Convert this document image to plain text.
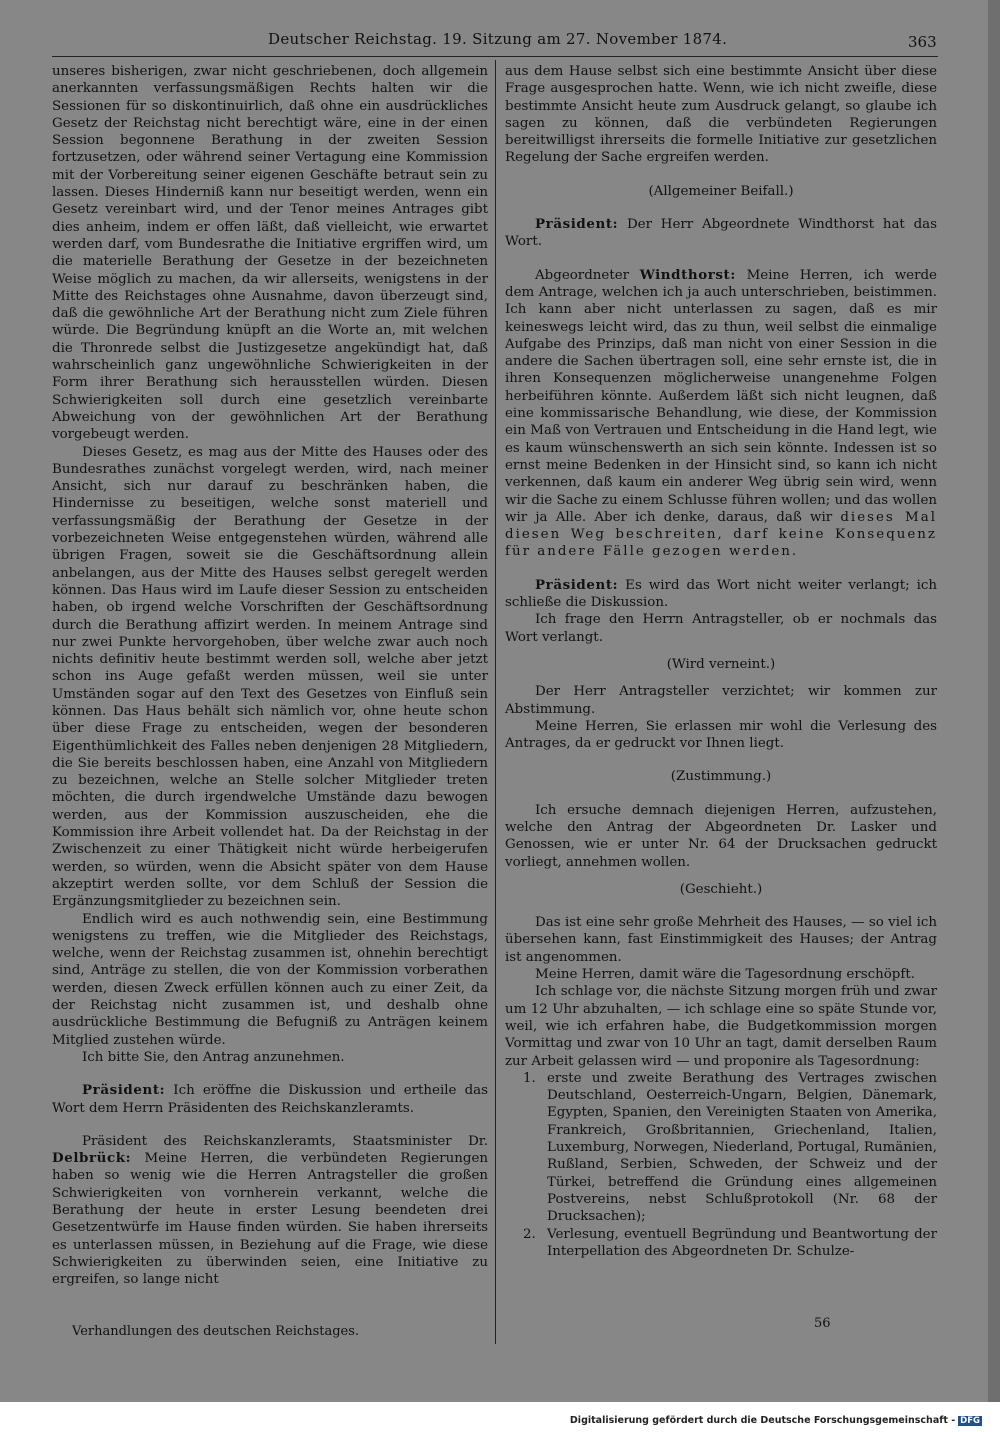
Deutscher Reichstag. 19. Sitzung am 27. November 1874.	363

unseres bisherigen, zwar nicht geschriebenen, doch allgemein anerkannten verfassungsmäßigen Rechts halten wir die Sessionen für so diskontinuirlich, daß ohne ein ausdrückliches Gesetz der Reichstag nicht berechtigt wäre, eine in der einen Session begonnene Berathung in der zweiten Session fortzusetzen, oder während seiner Vertagung eine Kommission mit der Vorbereitung seiner eigenen Geschäfte betraut sein zu lassen. Dieses Hinderniß kann nur beseitigt werden, wenn ein Gesetz vereinbart wird, und der Tenor meines Antrages gibt dies anheim, indem er offen läßt, daß vielleicht, wie erwartet werden darf, vom Bundesrathe die Initiative ergriffen wird, um die materielle Berathung der Gesetze in der bezeichneten Weise möglich zu machen, da wir allerseits, wenigstens in der Mitte des Reichstages ohne Ausnahme, davon überzeugt sind, daß die gewöhnliche Art der Berathung nicht zum Ziele führen würde. Die Begründung knüpft an die Worte an, mit welchen die Thronrede selbst die Justizgesetze angekündigt hat, daß wahrscheinlich ganz ungewöhnliche Schwierigkeiten in der Form ihrer Berathung sich herausstellen würden. Diesen Schwierigkeiten soll durch eine gesetzlich vereinbarte Abweichung von der gewöhnlichen Art der Berathung vorgebeugt werden.

Dieses Gesetz, es mag aus der Mitte des Hauses oder des Bundesrathes zunächst vorgelegt werden, wird, nach meiner Ansicht, sich nur darauf zu beschränken haben, die Hindernisse zu beseitigen, welche sonst materiell und verfassungsmäßig der Berathung der Gesetze in der vorbezeichneten Weise entgegenstehen würden, während alle übrigen Fragen, soweit sie die Geschäftsordnung allein anbelangen, aus der Mitte des Hauses selbst geregelt werden können. Das Haus wird im Laufe dieser Session zu entscheiden haben, ob irgend welche Vorschriften der Geschäftsordnung durch die Berathung affizirt werden. In meinem Antrage sind nur zwei Punkte hervorgehoben, über welche zwar auch noch nichts definitiv heute bestimmt werden soll, welche aber jetzt schon ins Auge gefaßt werden müssen, weil sie unter Umständen sogar auf den Text des Gesetzes von Einfluß sein können. Das Haus behält sich nämlich vor, ohne heute schon über diese Frage zu entscheiden, wegen der besonderen Eigenthümlichkeit des Falles neben denjenigen 28 Mitgliedern, die Sie bereits beschlossen haben, eine Anzahl von Mitgliedern zu bezeichnen, welche an Stelle solcher Mitglieder treten möchten, die durch irgendwelche Umstände dazu bewogen werden, aus der Kommission auszuscheiden, ehe die Kommission ihre Arbeit vollendet hat. Da der Reichstag in der Zwischenzeit zu einer Thätigkeit nicht würde herbeigerufen werden, so würden, wenn die Absicht später von dem Hause akzeptirt werden sollte, vor dem Schluß der Session die Ergänzungsmitglieder zu bezeichnen sein.

Endlich wird es auch nothwendig sein, eine Bestimmung wenigstens zu treffen, wie die Mitglieder des Reichstags, welche, wenn der Reichstag zusammen ist, ohnehin berechtigt sind, Anträge zu stellen, die von der Kommission vorberathen werden, diesen Zweck erfüllen können auch zu einer Zeit, da der Reichstag nicht zusammen ist, und deshalb ohne ausdrückliche Bestimmung die Befugniß zu Anträgen keinem Mitglied zustehen würde.

Ich bitte Sie, den Antrag anzunehmen.

Präsident: Ich eröffne die Diskussion und ertheile das Wort dem Herrn Präsidenten des Reichskanzleramts.

Präsident des Reichskanzleramts, Staatsminister Dr. Delbrück: Meine Herren, die verbündeten Regierungen haben so wenig wie die Herren Antragsteller die großen Schwierigkeiten von vornherein verkannt, welche die Berathung der heute in erster Lesung beendeten drei Gesetzentwürfe im Hause finden würden. Sie haben ihrerseits es unterlassen müssen, in Beziehung auf die Frage, wie diese Schwierigkeiten zu überwinden seien, eine Initiative zu ergreifen, so lange nicht

aus dem Hause selbst sich eine bestimmte Ansicht über diese Frage ausgesprochen hatte. Wenn, wie ich nicht zweifle, diese bestimmte Ansicht heute zum Ausdruck gelangt, so glaube ich sagen zu können, daß die verbündeten Regierungen bereitwilligst ihrerseits die formelle Initiative zur gesetzlichen Regelung der Sache ergreifen werden.

(Allgemeiner Beifall.)

Präsident: Der Herr Abgeordnete Windthorst hat das Wort.

Abgeordneter Windthorst: Meine Herren, ich werde dem Antrage, welchen ich ja auch unterschrieben, beistimmen. Ich kann aber nicht unterlassen zu sagen, daß es mir keineswegs leicht wird, das zu thun, weil selbst die einmalige Aufgabe des Prinzips, daß man nicht von einer Session in die andere die Sachen übertragen soll, eine sehr ernste ist, die in ihren Konsequenzen möglicherweise unangenehme Folgen herbeiführen könnte. Außerdem läßt sich nicht leugnen, daß eine kommissarische Behandlung, wie diese, der Kommission ein Maß von Vertrauen und Entscheidung in die Hand legt, wie es kaum wünschenswerth an sich sein könnte. Indessen ist so ernst meine Bedenken in der Hinsicht sind, so kann ich nicht verkennen, daß kaum ein anderer Weg übrig sein wird, wenn wir die Sache zu einem Schlusse führen wollen; und das wollen wir ja Alle. Aber ich denke, daraus, daß wir dieses Mal diesen Weg beschreiten, darf keine Konsequenz für andere Fälle gezogen werden.

Präsident: Es wird das Wort nicht weiter verlangt; ich schließe die Diskussion.

Ich frage den Herrn Antragsteller, ob er nochmals das Wort verlangt.

(Wird verneint.)

Der Herr Antragsteller verzichtet; wir kommen zur Abstimmung.

Meine Herren, Sie erlassen mir wohl die Verlesung des Antrages, da er gedruckt vor Ihnen liegt.

(Zustimmung.)

Ich ersuche demnach diejenigen Herren, aufzustehen, welche den Antrag der Abgeordneten Dr. Lasker und Genossen, wie er unter Nr. 64 der Drucksachen gedruckt vorliegt, annehmen wollen.

(Geschieht.)

Das ist eine sehr große Mehrheit des Hauses, — so viel ich übersehen kann, fast Einstimmigkeit des Hauses; der Antrag ist angenommen.

Meine Herren, damit wäre die Tagesordnung erschöpft.

Ich schlage vor, die nächste Sitzung morgen früh und zwar um 12 Uhr abzuhalten, — ich schlage eine so späte Stunde vor, weil, wie ich erfahren habe, die Budgetkommission morgen Vormittag und zwar von 10 Uhr an tagt, damit derselben Raum zur Arbeit gelassen wird — und proponire als Tagesordnung:

1. erste und zweite Berathung des Vertrages zwischen Deutschland, Oesterreich-Ungarn, Belgien, Dänemark, Egypten, Spanien, den Vereinigten Staaten von Amerika, Frankreich, Großbritannien, Griechenland, Italien, Luxemburg, Norwegen, Niederland, Portugal, Rumänien, Rußland, Serbien, Schweden, der Schweiz und der Türkei, betreffend die Gründung eines allgemeinen Postvereins, nebst Schlußprotokoll (Nr. 68 der Drucksachen);
2. Verlesung, eventuell Begründung und Beantwortung der Interpellation des Abgeordneten Dr. Schulze-
Verhandlungen des deutschen Reichstages.
56
Digitalisierung gefördert durch die Deutsche Forschungsgemeinschaft - DFG
